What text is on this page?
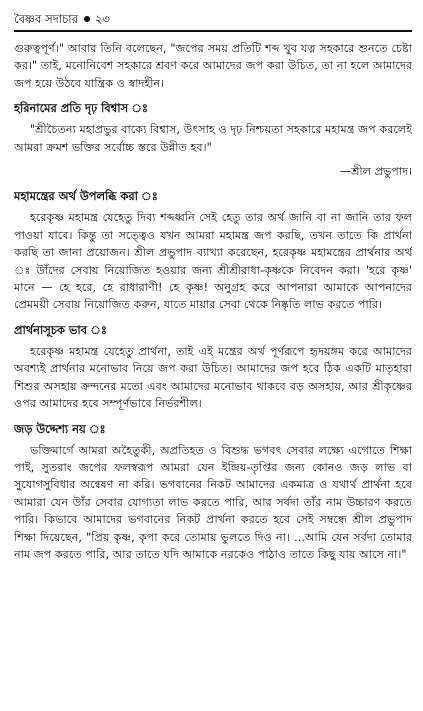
বৈষ্ণব সদাচার ২৩

গুরুত্বপূর্ণ।" আবার তিনি বলেছেন, "জপের সময় প্রতিটি শব্দ খুব যত্ন সহকারে শুনতে চেষ্টা কর।" তাই, মনোনিবেশ সহকারে শ্রবণ করে আমাদের জপ করা উচিত, তা না হলে আমাদের জপ হয়ে উঠবে যান্ত্রিক ও স্বাদহীন।

হরিনামের প্রতি দৃঢ় বিশ্বাস ঃ

"শ্রীচৈতন্য মহাপ্রভুর বাক্যে বিশ্বাস, উৎসাহ ও দৃঢ় নিশ্চয়তা সহকারে মহামন্ত্র জপ করলেই আমরা ক্রমশ ভক্তির সর্বোচ্চ স্তরে উন্নীত হব।"

—শ্রীল প্রভুপাদ।

মহামন্ত্রের অর্থ উপলব্ধি করা ঃ

হরেকৃষ্ণ মহামন্ত্র যেহেতু দিব্য শব্দধ্বনি সেই হেতু তার অর্থ জানি বা না জানি তার ফল পাওয়া যাবে। কিন্তু তা সত্ত্বেও যখন আমরা মহামন্ত্র জপ করছি, তখন তাতে কি প্রার্থনা করছি তা জানা প্রয়োজন। শ্রীল প্রভুপাদ ব্যাখ্যা করেছেন, হরেকৃষ্ণ মহামন্ত্রের প্রার্থনার অর্থ ঃ উাঁদের সেবায় নিয়োজিত হওয়ার জন্য শ্রীশ্রীরাধা-কৃষ্ণকে নিবেদন করা। 'হরে কৃষ্ণ' মানে — হে হরে, হে রাধারাণী! হে কৃষ্ণ! অনুগ্রহ করে আপনারা আমাকে আপনাদের প্রেমময়ী সেবায় নিয়োজিত করুন, যাতে মায়ার সেবা থেকে নিষ্কৃতি লাভ করতে পারি।

প্রার্থনাসূচক ভাব ঃ

হরেকৃষ্ণ মহামন্ত্র যেহেতু প্রার্থনা, তাই এই মন্ত্রের অর্থ পূর্ণরূপে হৃদয়ঙ্গম করে আমাদের অবশ্যই প্রার্থনার মনোভাব নিয়ে জপ করা উচিত। আমাদের জপ হবে ঠিক একটি মাতৃহারা শিশুর অসহায় ক্রন্দনের মতো এবং আমাদের মনোভাব থাকবে বড় অসহায়, আর শ্রীকৃষ্ণের ওপর আমাদের হবে সম্পূর্ণভাবে নির্ভরশীল।

জড় উদ্দেশ্য নয় ঃ

ভক্তিমার্গে আমরা অহৈতুকী, অপ্রতিহত ও বিশুদ্ধ ভগবৎ সেবার লক্ষ্যে এগোতে শিক্ষা পাই, সুতরাং জপের ফলস্বরূপ আমরা যেন ইন্দ্রিয়-তৃপ্তির জন্য কোনও জড় লাভ বা সুযোগসুবিধার অন্বেষণ না করি। ভগবানের নিকট আমাদের একমাত্র ও যথার্থ প্রার্থনা হবে আমারা যেন উাঁর সেবার যোগ্যতা লাভ করতে পারি, আর সর্বদা তাঁর নাম উচ্চারণ করতে পারি। কিভাবে আমাদের ভগবানের নিকট প্রার্থনা করতে হবে সেই সম্বন্ধে শ্রীল প্রভুপাদ শিক্ষা দিয়েছেন, "প্রিয় কৃষ্ণ, কৃপা করে তোমায় ভুলতে দিও না। ...আমি যেন সর্বদা তোমার নাম জপ করতে পারি, আর তাতে যদি আমাকে নরকেও পাঠাও তাতে কিছু যায় আসে না।"
